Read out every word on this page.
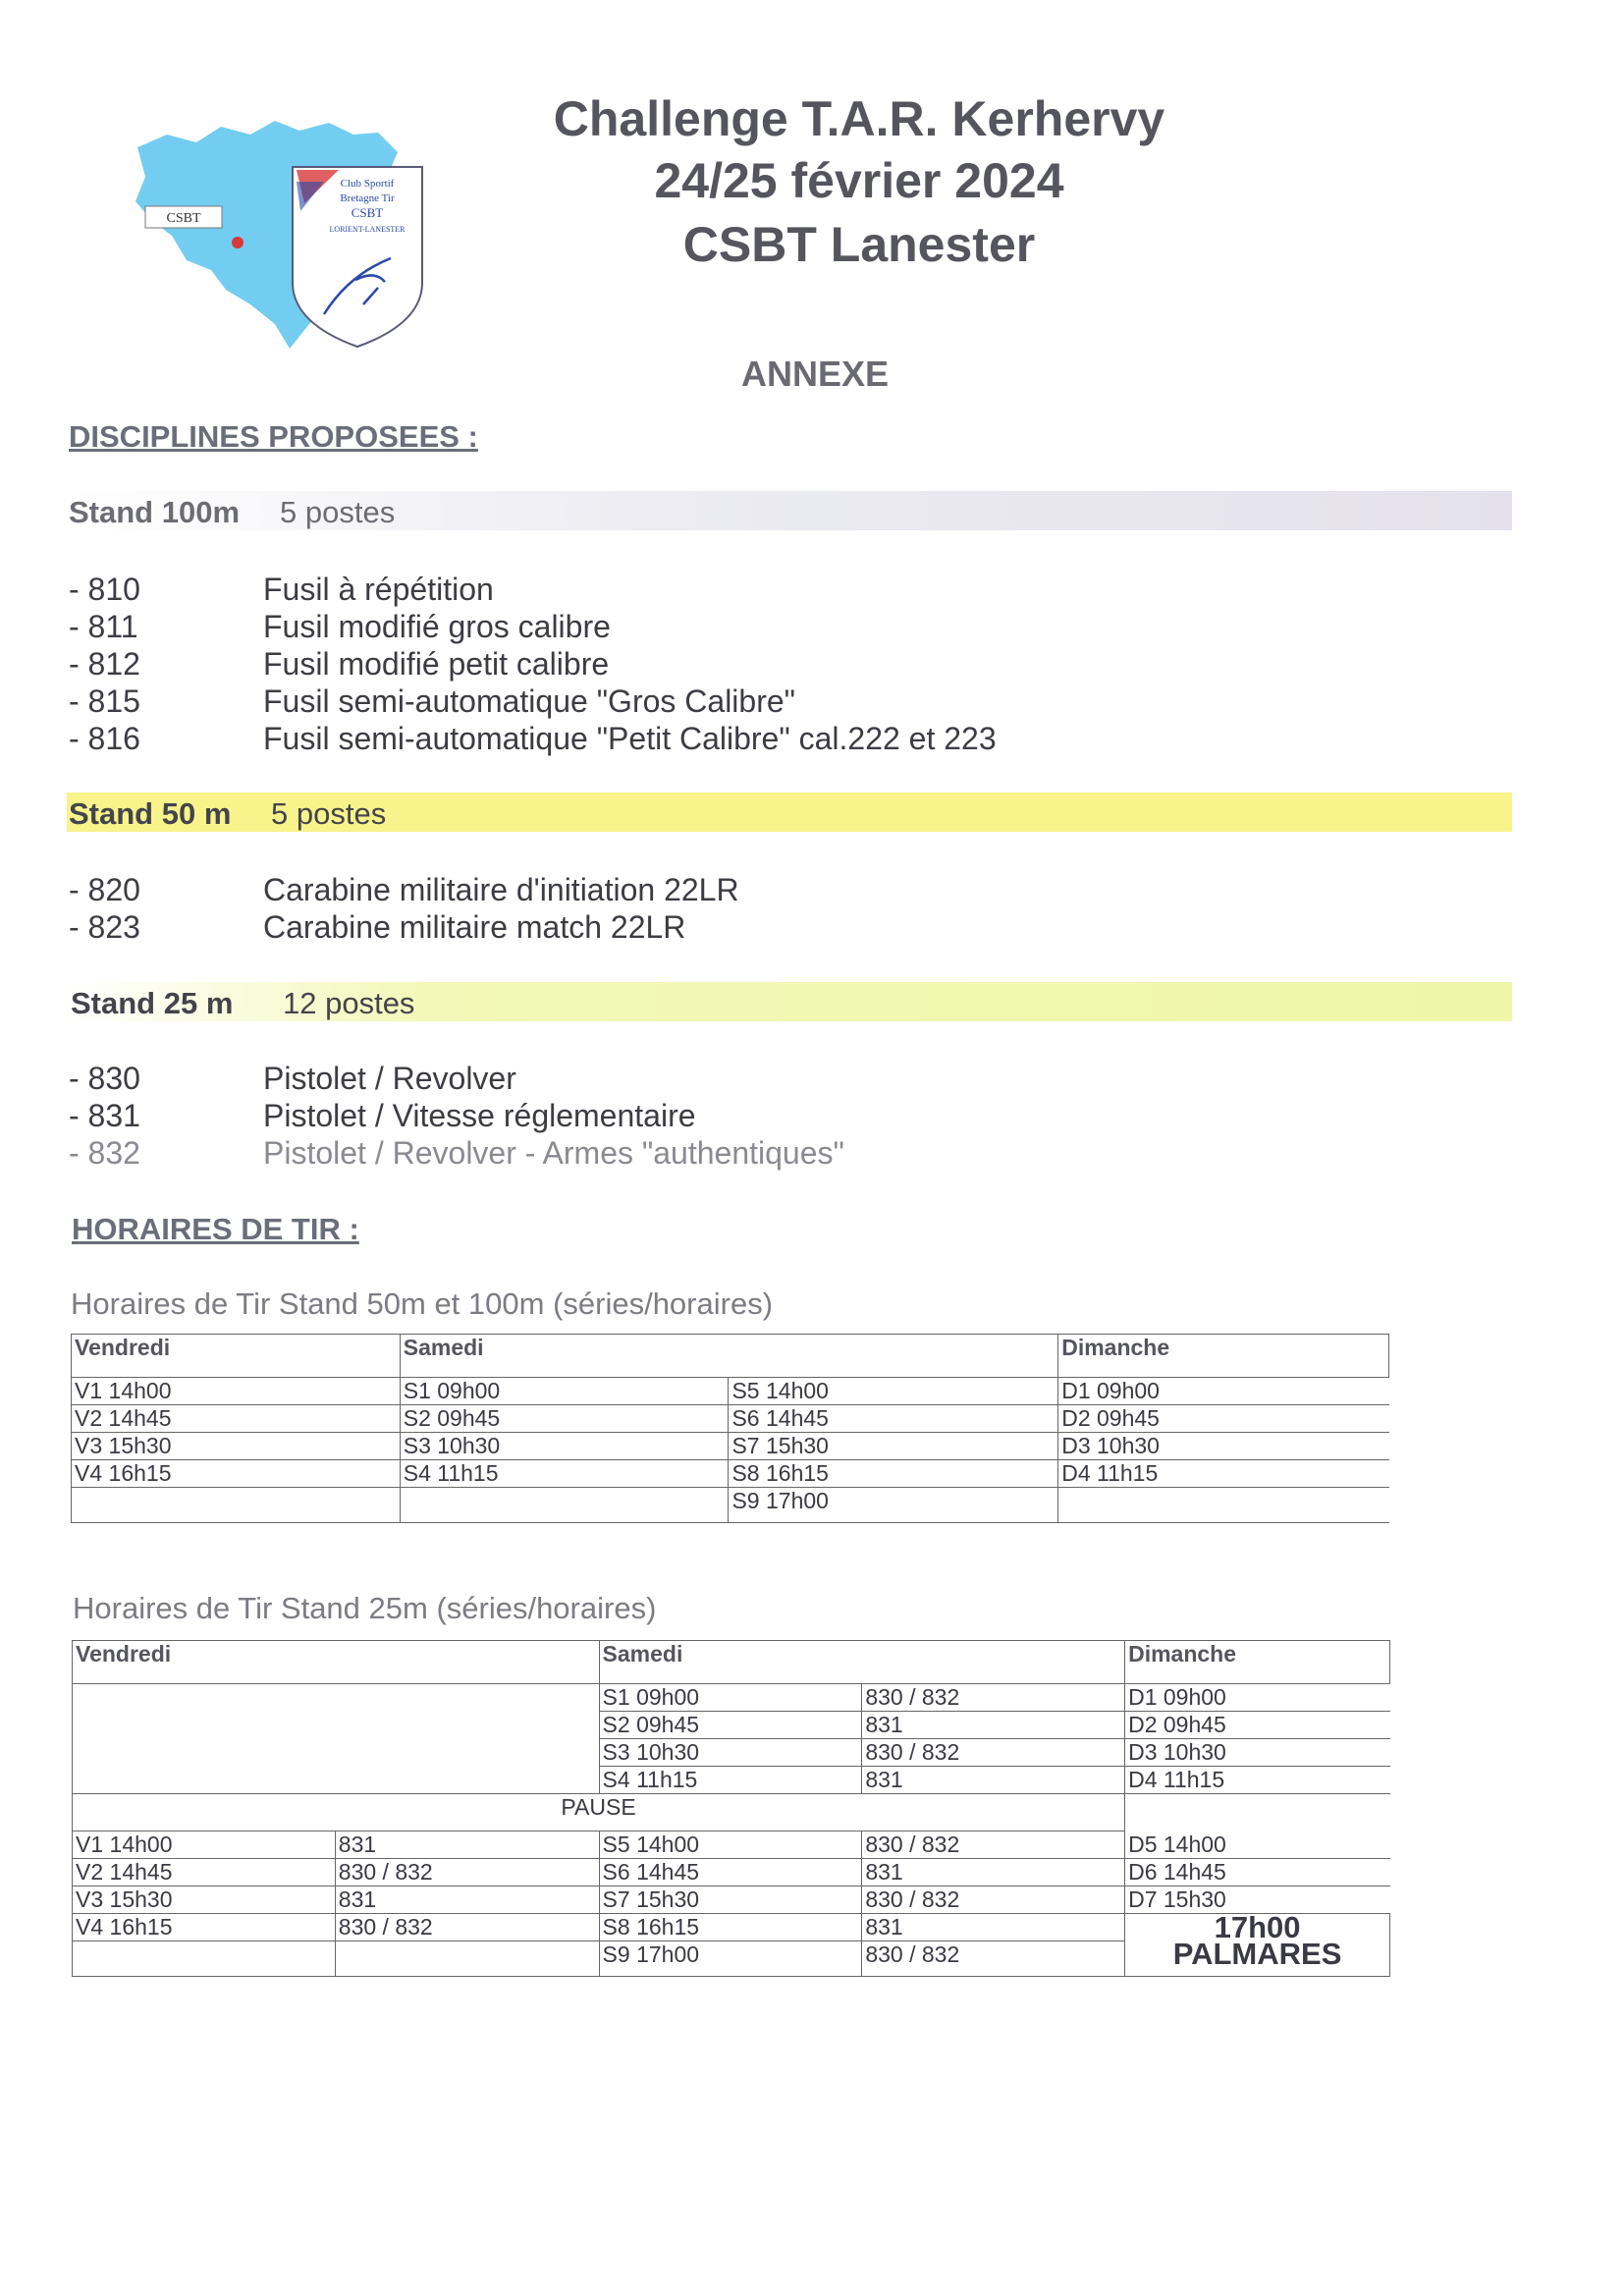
CSBT
Club Sportif
Bretagne Tir
CSBT
LORIENT-LANESTER
Challenge T.A.R. Kerhervy
24/25 février 2024
CSBT Lanester
ANNEXE
DISCIPLINES PROPOSEES :
Stand 100m 5 postes
- 810	Fusil à répétition
- 811	Fusil modifié gros calibre
- 812	Fusil modifié petit calibre
- 815	Fusil semi-automatique "Gros Calibre"
- 816	Fusil semi-automatique "Petit Calibre" cal.222 et 223
Stand 50 m 5 postes
- 820	Carabine militaire d'initiation 22LR
- 823	Carabine militaire match 22LR
Stand 25 m 12 postes
- 830	Pistolet / Revolver
- 831	Pistolet / Vitesse réglementaire
- 832	Pistolet / Revolver - Armes "authentiques"
HORAIRES DE TIR :
Horaires de Tir Stand 50m et 100m (séries/horaires)
Vendredi	Samedi		Dimanche
V1 14h00	S1 09h00	S5 14h00	D1 09h00
V2 14h45	S2 09h45	S6 14h45	D2 09h45
V3 15h30	S3 10h30	S7 15h30	D3 10h30
V4 16h15	S4 11h15	S8 16h15	D4 11h15
		S9 17h00	
Horaires de Tir Stand 25m (séries/horaires)
Vendredi		Samedi		Dimanche
		S1 09h00	830 / 832	D1 09h00
		S2 09h45	831	D2 09h45
		S3 10h30	830 / 832	D3 10h30
		S4 11h15	831	D4 11h15
PAUSE				
V1 14h00	831	S5 14h00	830 / 832	D5 14h00
V2 14h45	830 / 832	S6 14h45	831	D6 14h45
V3 15h30	831	S7 15h30	830 / 832	D7 15h30
V4 16h15	830 / 832	S8 16h15	831	17h00
PALMARES

		S9 17h00	830 / 832	
